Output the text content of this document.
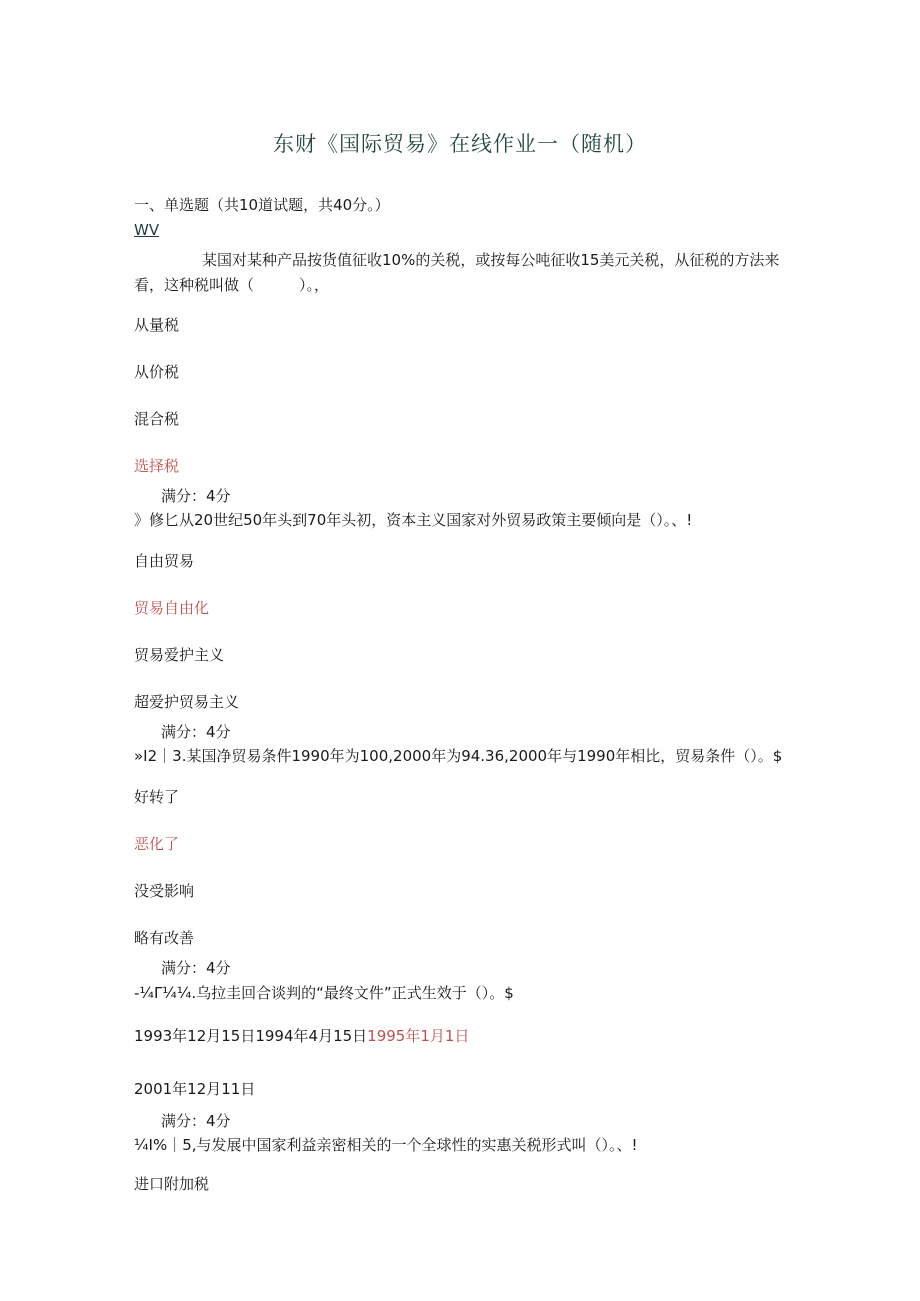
东财《国际贸易》在线作业一（随机）
一、单选题（共10道试题，共40分。）
WV
某国对某种产品按货值征收10%的关税，或按每公吨征收15美元关税，从征税的方法来看，这种税叫做（　　　）。，
从量税
从价税
混合税
选择税
满分：4分
》修匕从20世纪50年头到70年头初，资本主义国家对外贸易政策主要倾向是（）。、!
自由贸易
贸易自由化
贸易爱护主义
超爱护贸易主义
满分：4分
»I2｜3.某国净贸易条件1990年为100,2000年为94.36,2000年与1990年相比，贸易条件（）。$
好转了
恶化了
没受影响
略有改善
满分：4分
-¼Γ¼¼.乌拉圭回合谈判的“最终文件”正式生效于（）。$
1993年12月15日1994年4月15日1995年1月1日
2001年12月11日
满分：4分
¼I%｜5,与发展中国家利益亲密相关的一个全球性的实惠关税形式叫（）。、!
进口附加税
